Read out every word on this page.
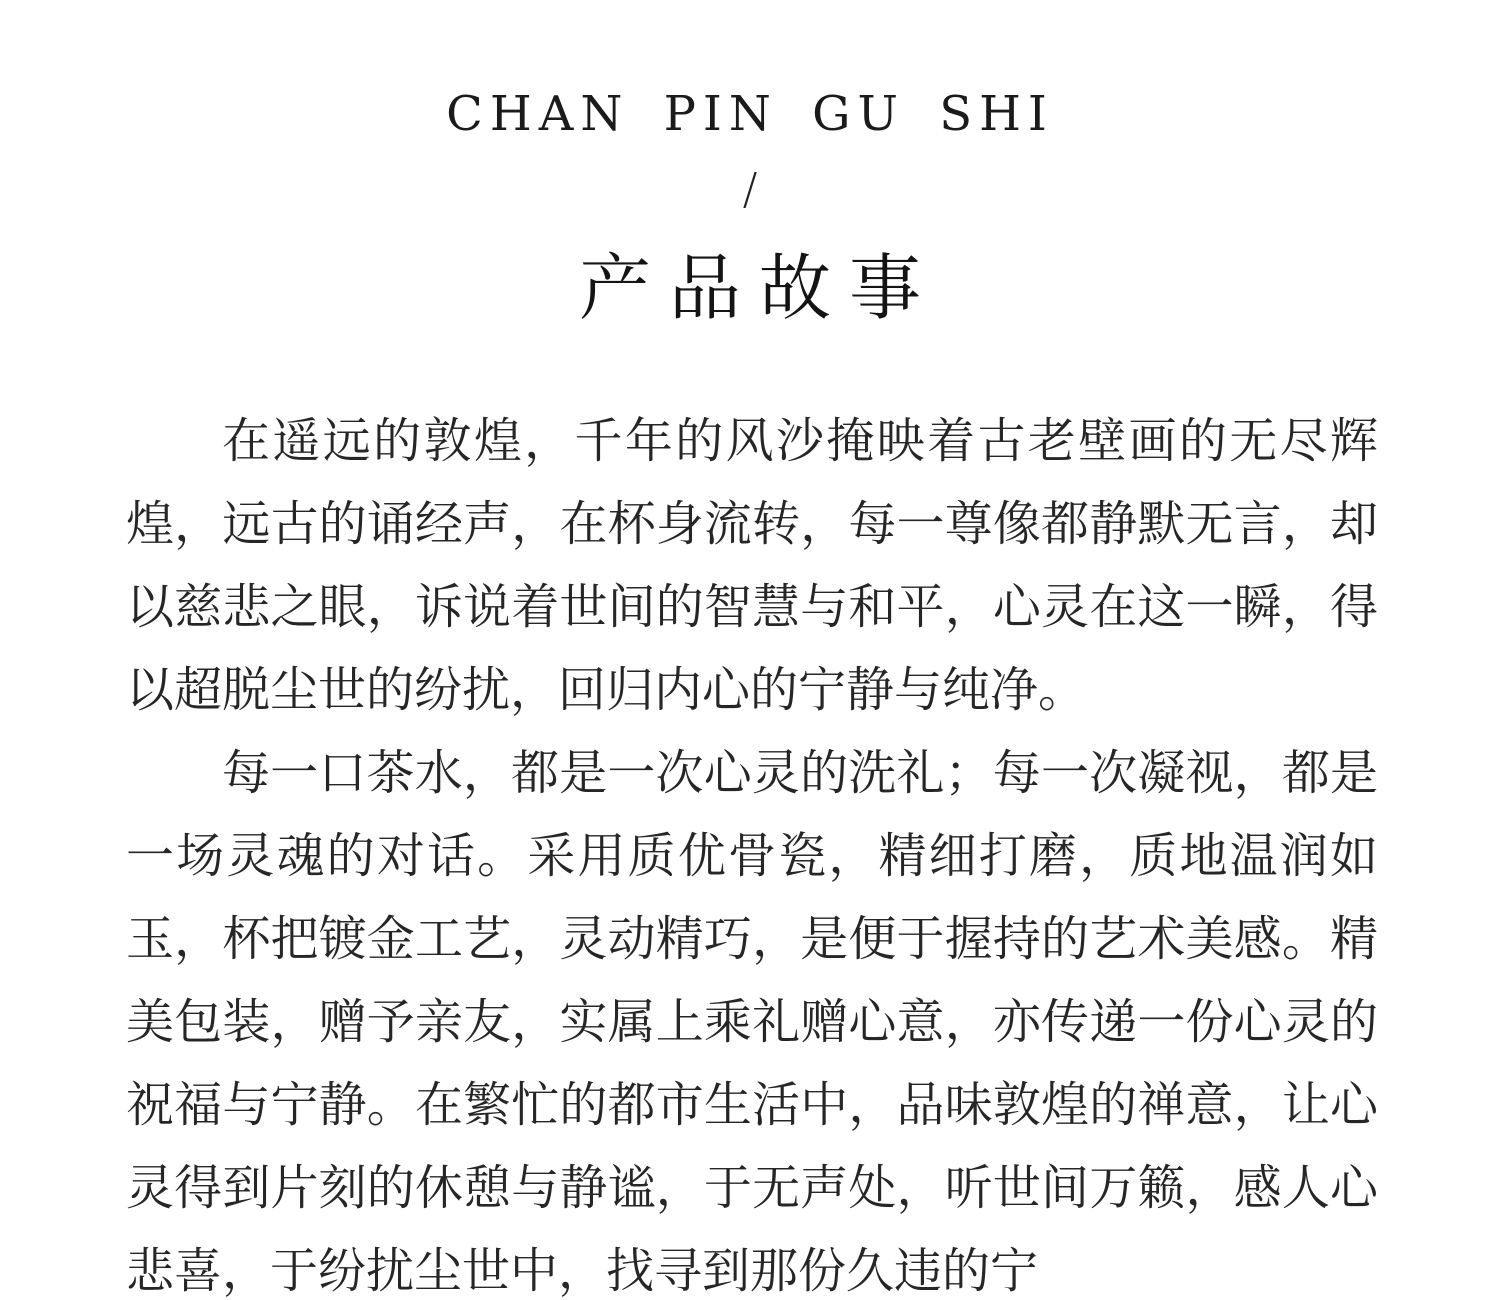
CHAN PIN GU SHI
/
产品故事

在遥远的敦煌，千年的风沙掩映着古老壁画的无尽辉煌，远古的诵经声，在杯身流转，每一尊像都静默无言，却以慈悲之眼，诉说着世间的智慧与和平，心灵在这一瞬，得以超脱尘世的纷扰，回归内心的宁静与纯净。

每一口茶水，都是一次心灵的洗礼；每一次凝视，都是一场灵魂的对话。采用质优骨瓷，精细打磨，质地温润如玉，杯把镀金工艺，灵动精巧，是便于握持的艺术美感。精美包装，赠予亲友，实属上乘礼赠心意，亦传递一份心灵的祝福与宁静。在繁忙的都市生活中，品味敦煌的禅意，让心灵得到片刻的休憩与静谧，于无声处，听世间万籁，感人心悲喜，于纷扰尘世中，找寻到那份久违的宁
